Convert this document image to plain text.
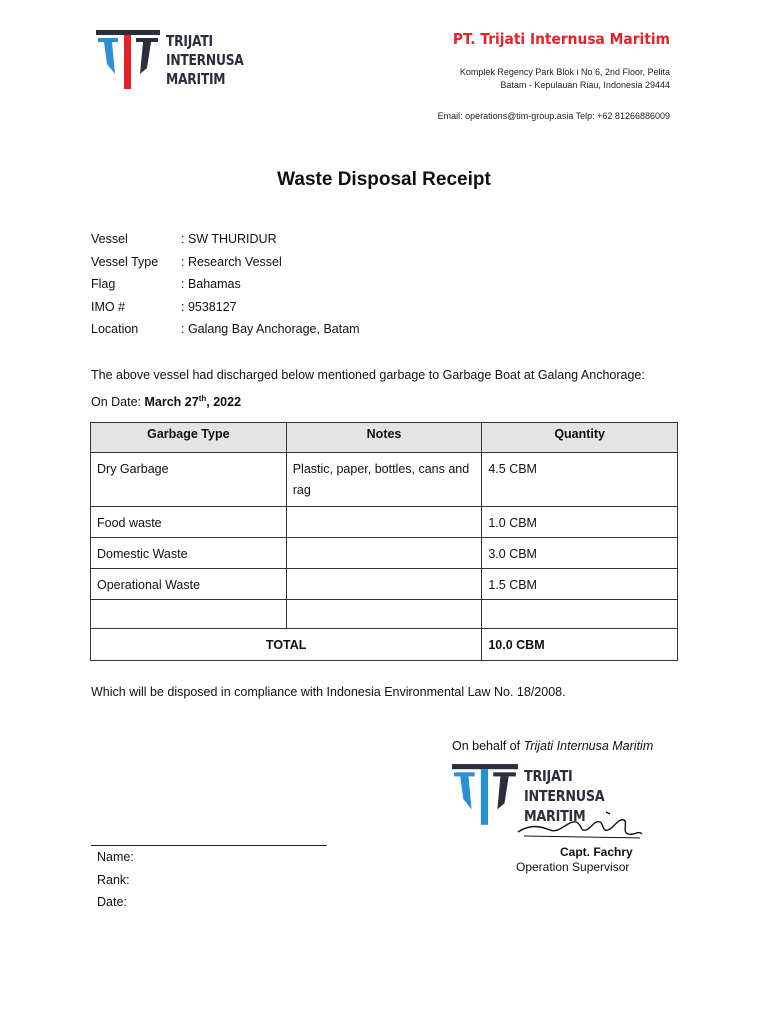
TRIJATI
INTERNUSA
MARITIM
PT. Trijati Internusa Maritim
Komplek Regency Park Blok i No 6, 2nd Floor, Pelita
Batam - Kepulauan Riau, Indonesia 29444
Email: operations@tim-group.asia Telp: +62 81266886009
Waste Disposal Receipt
Vessel	: SW THURIDUR
Vessel Type	: Research Vessel
Flag	: Bahamas
IMO #	: 9538127
Location	: Galang Bay Anchorage, Batam
The above vessel had discharged below mentioned garbage to Garbage Boat at Galang Anchorage:
On Date: March 27th, 2022
Garbage Type	Notes	Quantity
Dry Garbage	Plastic, paper, bottles, cans and rag	4.5 CBM
Food waste		1.0 CBM
Domestic Waste		3.0 CBM
Operational Waste		1.5 CBM

TOTAL		10.0 CBM
Which will be disposed in compliance with Indonesia Environmental Law No. 18/2008.
On behalf of Trijati Internusa Maritim
TRIJATI
INTERNUSA
MARITIM
Capt. Fachry
Operation Supervisor
Name:
Rank:
Date:
